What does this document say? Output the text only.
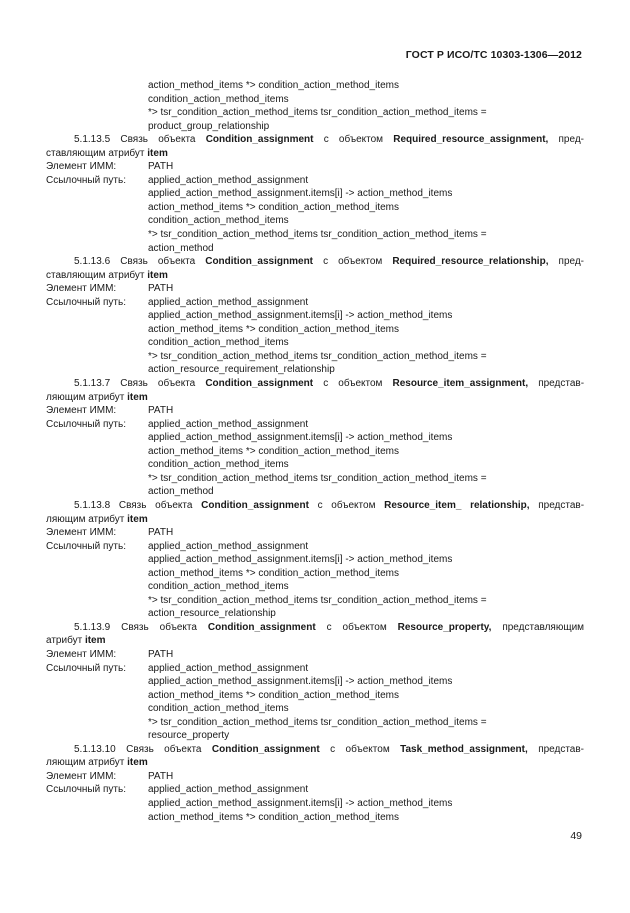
ГОСТ Р ИСО/ТС 10303-1306—2012
action_method_items *> condition_action_method_items
condition_action_method_items
*> tsr_condition_action_method_items tsr_condition_action_method_items =
product_group_relationship
5.1.13.5 Связь объекта Condition_assignment с объектом Required_resource_assignment, пред-
ставляющим атрибут item
Элемент ИММ:	PATH
Ссылочный путь:	applied_action_method_assignment
applied_action_method_assignment.items[i] -> action_method_items
action_method_items *> condition_action_method_items
condition_action_method_items
*> tsr_condition_action_method_items tsr_condition_action_method_items =
action_method
5.1.13.6 Связь объекта Condition_assignment с объектом Required_resource_relationship, пред-
ставляющим атрибут item
Элемент ИММ:	PATH
Ссылочный путь:	applied_action_method_assignment
applied_action_method_assignment.items[i] -> action_method_items
action_method_items *> condition_action_method_items
condition_action_method_items
*> tsr_condition_action_method_items tsr_condition_action_method_items =
action_resource_requirement_relationship
5.1.13.7 Связь объекта Condition_assignment с объектом Resource_item_assignment, представ-
ляющим атрибут item
Элемент ИММ:	PATH
Ссылочный путь:	applied_action_method_assignment
applied_action_method_assignment.items[i] -> action_method_items
action_method_items *> condition_action_method_items
condition_action_method_items
*> tsr_condition_action_method_items tsr_condition_action_method_items =
action_method
5.1.13.8 Связь объекта Condition_assignment с объектом Resource_item_ relationship, представ-
ляющим атрибут item
Элемент ИММ:	PATH
Ссылочный путь:	applied_action_method_assignment
applied_action_method_assignment.items[i] -> action_method_items
action_method_items *> condition_action_method_items
condition_action_method_items
*> tsr_condition_action_method_items tsr_condition_action_method_items =
action_resource_relationship
5.1.13.9 Связь объекта Condition_assignment с объектом Resource_property, представляющим
атрибут item
Элемент ИММ:	PATH
Ссылочный путь:	applied_action_method_assignment
applied_action_method_assignment.items[i] -> action_method_items
action_method_items *> condition_action_method_items
condition_action_method_items
*> tsr_condition_action_method_items tsr_condition_action_method_items =
resource_property
5.1.13.10 Связь объекта Condition_assignment с объектом Task_method_assignment, представ-
ляющим атрибут item
Элемент ИММ:	PATH
Ссылочный путь:	applied_action_method_assignment
applied_action_method_assignment.items[i] -> action_method_items
action_method_items *> condition_action_method_items
49
